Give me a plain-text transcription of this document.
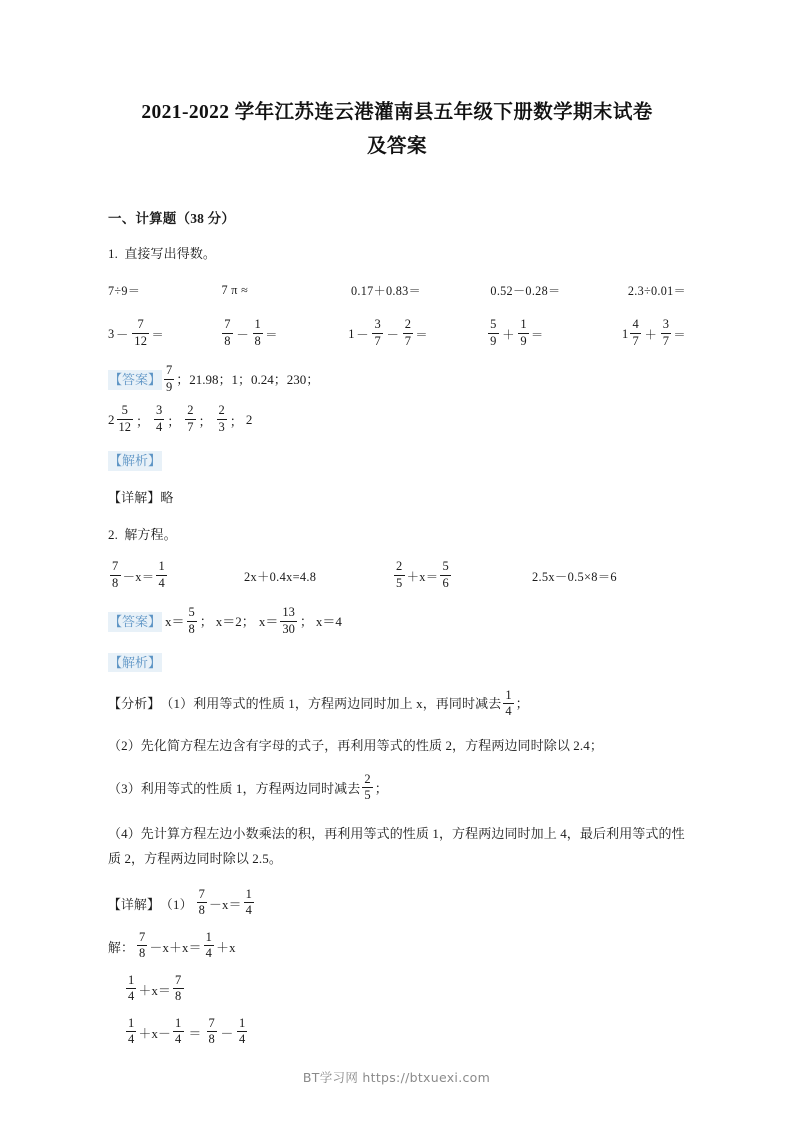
2021-2022 学年江苏连云港灌南县五年级下册数学期末试卷
及答案
一、计算题（38 分）
1. 直接写出得数。
7÷9＝	7 π ≈	0.17＋0.83＝	0.52－0.28＝	2.3÷0.01＝
$3 - \frac{7}{12}$ ＝	$\frac{7}{8} - \frac{1}{8}$ ＝	$1 - \frac{3}{7} - \frac{2}{7}$ ＝	$\frac{5}{9} + \frac{1}{9}$ ＝	$1 \frac{4}{7} + \frac{3}{7}$ ＝
【答案】 $\frac{7}{9}$ ；21.98；1；0.24；230；
$2 \frac{5}{12}$ ； $\frac{3}{4}$ ； $\frac{2}{7}$ ； $\frac{2}{3}$ ； 2
【解析】
【详解】略
2. 解方程。
$\frac{7}{8} -x= \frac{1}{4}$	2x＋0.4x=4.8	$\frac{2}{5} +x= \frac{5}{6}$	2.5x－0.5×8＝6
【答案】 $x= \frac{5}{8}$ ； x＝2； $x= \frac{13}{30}$ ； x＝4
【解析】
【分析】 （1）利用等式的性质 1，方程两边同时加上 x，再同时减去 $\frac{1}{4}$ ；
（2）先化简方程左边含有字母的式子，再利用等式的性质 2，方程两边同时除以 2.4；
（3）利用等式的性质 1，方程两边同时减去 $\frac{2}{5}$ ；
（4）先计算方程左边小数乘法的积，再利用等式的性质 1，方程两边同时加上 4，最后利用等式的性质 2，方程两边同时除以 2.5。
【详解】 $(1) \frac{7}{8} -x= \frac{1}{4}$
解： $\frac{7}{8} -x+x= \frac{1}{4} +x$
$\frac{1}{4} +x= \frac{7}{8}$
$\frac{1}{4} +x- \frac{1}{4} = \frac{7}{8} - \frac{1}{4}$
BT学习网 https://btxuexi.com
